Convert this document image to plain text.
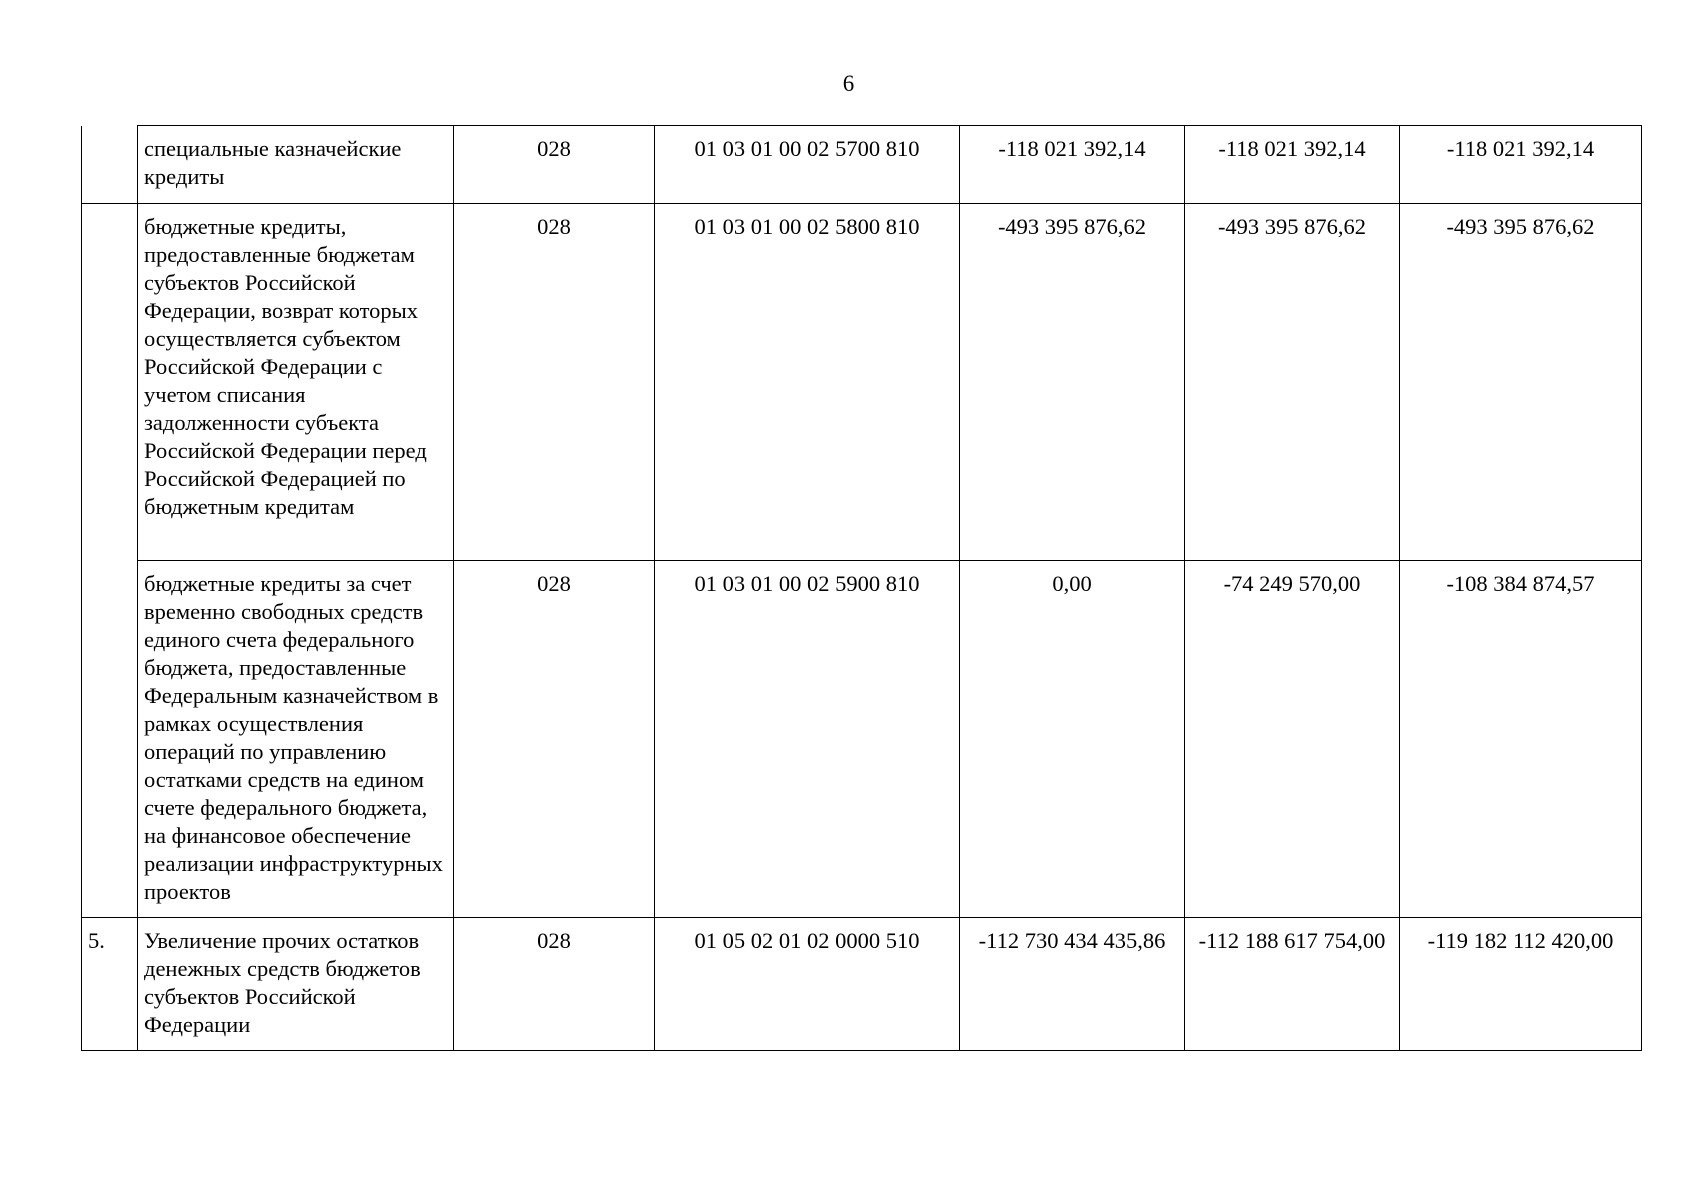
6
	специальные казначейские кредиты	028	01 03 01 00 02 5700 810	-118 021 392,14	-118 021 392,14	-118 021 392,14
	бюджетные кредиты, предоставленные бюджетам субъектов Российской Федерации, возврат которых осуществляется субъектом Российской Федерации с учетом списания задолженности субъекта Российской Федерации перед Российской Федерацией по бюджетным кредитам	028	01 03 01 00 02 5800 810	-493 395 876,62	-493 395 876,62	-493 395 876,62
	бюджетные кредиты за счет временно свободных средств единого счета федерального бюджета, предоставленные Федеральным казначейством в рамках осуществления операций по управлению остатками средств на едином счете федерального бюджета, на финансовое обеспечение реализации инфраструктурных проектов	028	01 03 01 00 02 5900 810	0,00	-74 249 570,00	-108 384 874,57
5.	Увеличение прочих остатков денежных средств бюджетов субъектов Российской Федерации	028	01 05 02 01 02 0000 510	-112 730 434 435,86	-112 188 617 754,00	-119 182 112 420,00
